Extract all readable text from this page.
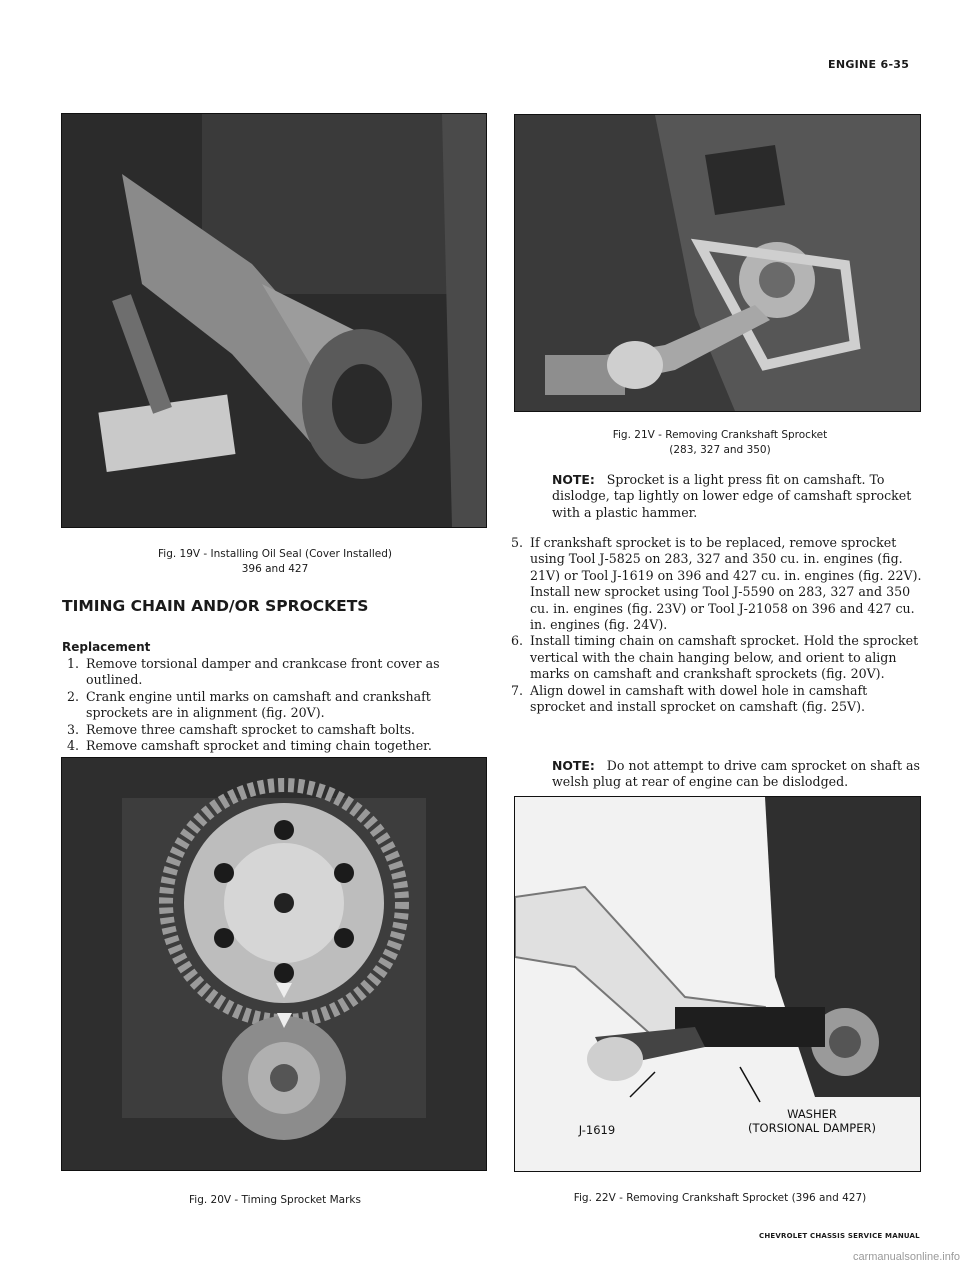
ENGINE 6-35
Fig. 19V - Installing Oil Seal (Cover Installed)
396 and 427
TIMING CHAIN AND/OR SPROCKETS
Replacement
1. Remove torsional damper and crankcase front cover as outlined.
2. Crank engine until marks on camshaft and crankshaft sprockets are in alignment (fig. 20V).
3. Remove three camshaft sprocket to camshaft bolts.
4. Remove camshaft sprocket and timing chain together.
Fig. 20V - Timing Sprocket Marks
Fig. 21V - Removing Crankshaft Sprocket
(283, 327 and 350)
NOTE: Sprocket is a light press fit on camshaft. To dislodge, tap lightly on lower edge of camshaft sprocket with a plastic hammer.
5. If crankshaft sprocket is to be replaced, remove sprocket using Tool J-5825 on 283, 327 and 350 cu. in. engines (fig. 21V) or Tool J-1619 on 396 and 427 cu. in. engines (fig. 22V). Install new sprocket using Tool J-5590 on 283, 327 and 350 cu. in. engines (fig. 23V) or Tool J-21058 on 396 and 427 cu. in. engines (fig. 24V).
6. Install timing chain on camshaft sprocket. Hold the sprocket vertical with the chain hanging below, and orient to align marks on camshaft and crankshaft sprockets (fig. 20V).
7. Align dowel in camshaft with dowel hole in camshaft sprocket and install sprocket on camshaft (fig. 25V).
NOTE: Do not attempt to drive cam sprocket on shaft as welsh plug at rear of engine can be dislodged.
J-1619
WASHER
(TORSIONAL DAMPER)
Fig. 22V - Removing Crankshaft Sprocket (396 and 427)
CHEVROLET CHASSIS SERVICE MANUAL
carmanualsonline.info
